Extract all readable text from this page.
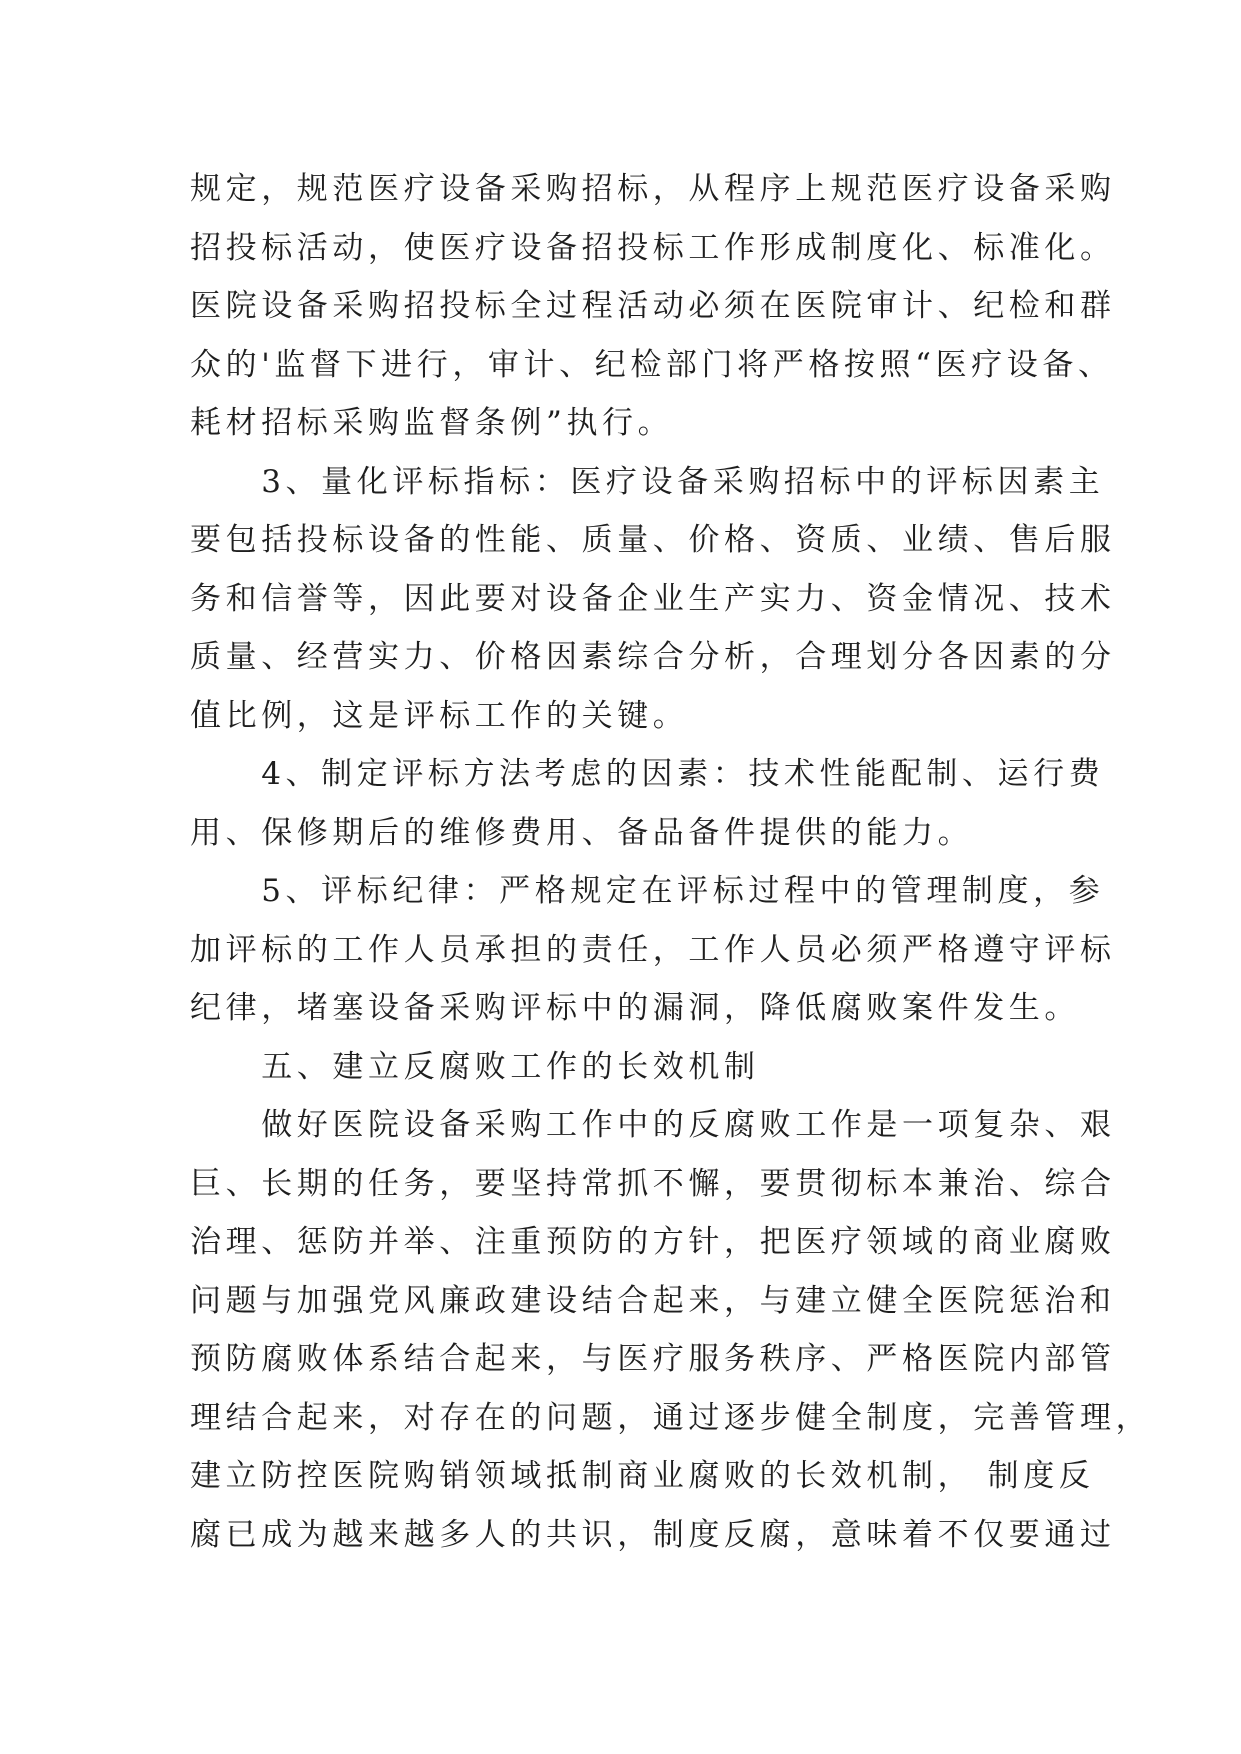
规定，规范医疗设备采购招标，从程序上规范医疗设备采购
招投标活动，使医疗设备招投标工作形成制度化、标准化。
医院设备采购招投标全过程活动必须在医院审计、纪检和群
众的'监督下进行，审计、纪检部门将严格按照“医疗设备、
耗材招标采购监督条例”执行。
　　3、量化评标指标：医疗设备采购招标中的评标因素主
要包括投标设备的性能、质量、价格、资质、业绩、售后服
务和信誉等，因此要对设备企业生产实力、资金情况、技术
质量、经营实力、价格因素综合分析，合理划分各因素的分
值比例，这是评标工作的关键。
　　4、制定评标方法考虑的因素：技术性能配制、运行费
用、保修期后的维修费用、备品备件提供的能力。
　　5、评标纪律：严格规定在评标过程中的管理制度，参
加评标的工作人员承担的责任，工作人员必须严格遵守评标
纪律，堵塞设备采购评标中的漏洞，降低腐败案件发生。
　　五、建立反腐败工作的长效机制
　　做好医院设备采购工作中的反腐败工作是一项复杂、艰
巨、长期的任务，要坚持常抓不懈，要贯彻标本兼治、综合
治理、惩防并举、注重预防的方针，把医疗领域的商业腐败
问题与加强党风廉政建设结合起来，与建立健全医院惩治和
预防腐败体系结合起来，与医疗服务秩序、严格医院内部管
理结合起来，对存在的问题，通过逐步健全制度，完善管理，
建立防控医院购销领域抵制商业腐败的长效机制， 制度反
腐已成为越来越多人的共识，制度反腐，意味着不仅要通过
